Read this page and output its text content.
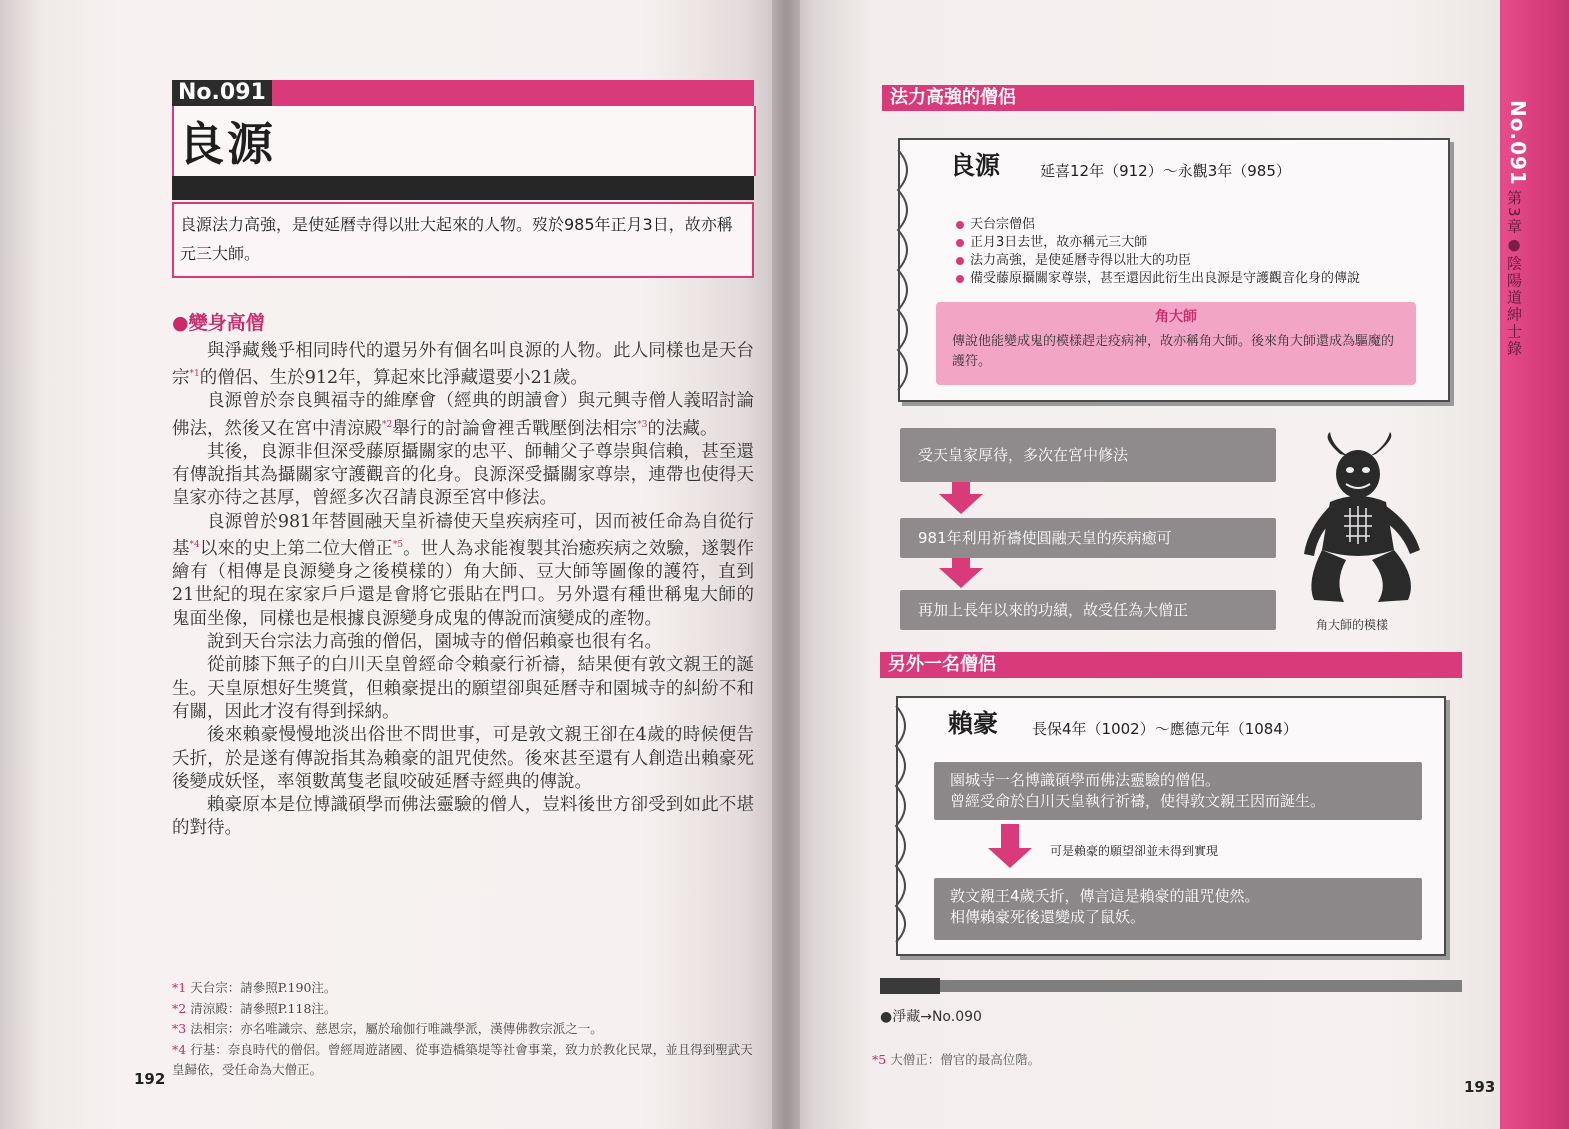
No.091
第3章●陰陽道紳士錄
No.091
良源
良源法力高強，是使延曆寺得以壯大起來的人物。歿於985年正月3日，故亦稱元三大師。
●變身高僧

與淨藏幾乎相同時代的還另外有個名叫良源的人物。此人同樣也是天台宗$^{*1}$的僧侶、生於912年，算起來比淨藏還要小21歲。

良源曾於奈良興福寺的維摩會（經典的朗讀會）與元興寺僧人義昭討論佛法，然後又在宮中清涼殿$^{*2}$舉行的討論會裡舌戰壓倒法相宗$^{*3}$的法藏。

其後，良源非但深受藤原攝關家的忠平、師輔父子尊崇與信賴，甚至還有傳說指其為攝關家守護觀音的化身。良源深受攝關家尊崇，連帶也使得天皇家亦待之甚厚，曾經多次召請良源至宮中修法。

良源曾於981年替圓融天皇祈禱使天皇疾病痊可，因而被任命為自從行基$^{*4}$以來的史上第二位大僧正$^{*5}$。世人為求能複製其治癒疾病之效驗，遂製作繪有（相傳是良源變身之後模樣的）角大師、豆大師等圖像的護符，直到21世紀的現在家家戶戶還是會將它張貼在門口。另外還有種世稱鬼大師的鬼面坐像，同樣也是根據良源變身成鬼的傳說而演變成的產物。

說到天台宗法力高強的僧侶，園城寺的僧侶賴豪也很有名。

從前膝下無子的白川天皇曾經命令賴豪行祈禱，結果便有敦文親王的誕生。天皇原想好生獎賞，但賴豪提出的願望卻與延曆寺和園城寺的糾紛不和有關，因此才沒有得到採納。

後來賴豪慢慢地淡出俗世不問世事，可是敦文親王卻在4歲的時候便告夭折，於是遂有傳說指其為賴豪的詛咒使然。後來甚至還有人創造出賴豪死後變成妖怪，率領數萬隻老鼠咬破延曆寺經典的傳說。

賴豪原本是位博識碩學而佛法靈驗的僧人，豈料後世方卻受到如此不堪的對待。

*1 天台宗：請參照P.190注。
*2 清涼殿：請參照P.118注。
*3 法相宗：亦名唯識宗、慈恩宗，屬於瑜伽行唯識學派，漢傳佛教宗派之一。
*4 行基：奈良時代的僧侶。曾經周遊諸國、從事造橋築堤等社會事業，致力於教化民眾，並且得到聖武天皇歸依，受任命為大僧正。
192
法力高強的僧侶
良源	延喜12年（912）～永觀3年（985）
天台宗僧侶
正月3日去世，故亦稱元三大師
法力高強，是使延曆寺得以壯大的功臣
備受藤原攝關家尊崇，甚至還因此衍生出良源是守護觀音化身的傳說
角大師
傳說他能變成鬼的模樣趕走疫病神，故亦稱角大師。後來角大師還成為驅魔的護符。
受天皇家厚待，多次在宮中修法
981年利用祈禱使圓融天皇的疾病癒可
再加上長年以來的功績，故受任為大僧正
角大師的模樣
另外一名僧侶
賴豪 長保4年（1002）～應德元年（1084）
園城寺一名博識碩學而佛法靈驗的僧侶。
曾經受命於白川天皇執行祈禱，使得敦文親王因而誕生。
可是賴豪的願望卻並未得到實現
敦文親王4歲夭折，傳言這是賴豪的詛咒使然。
相傳賴豪死後還變成了鼠妖。
●淨藏→No.090
*5 大僧正：僧官的最高位階。
193
